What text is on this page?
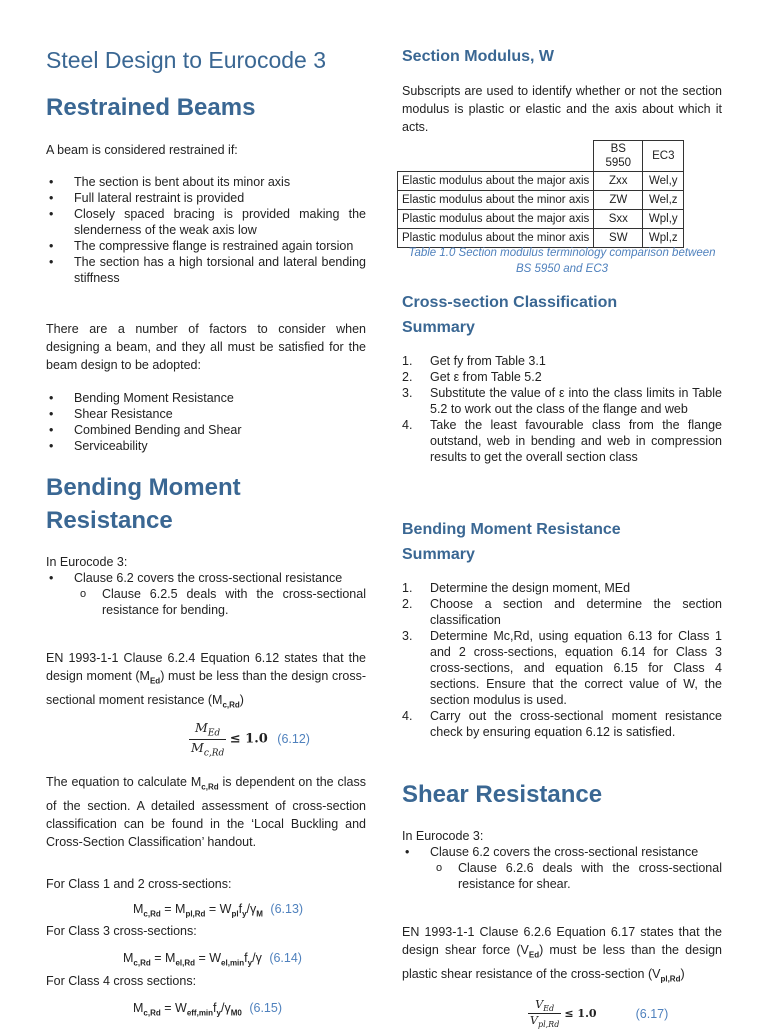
Steel Design to Eurocode 3
Restrained Beams
A beam is considered restrained if:
• The section is bent about its minor axis
• Full lateral restraint is provided
• Closely spaced bracing is provided making the slenderness of the weak axis low
• The compressive flange is restrained again torsion
• The section has a high torsional and lateral bending stiffness
There are a number of factors to consider when designing a beam, and they all must be satisfied for the beam design to be adopted:
• Bending Moment Resistance
• Shear Resistance
• Combined Bending and Shear
• Serviceability
Bending Moment Resistance
In Eurocode 3:
• Clause 6.2 covers the cross-sectional resistance
o Clause 6.2.5 deals with the cross-sectional resistance for bending.
EN 1993-1-1 Clause 6.2.4 Equation 6.12 states that the design moment $(M_{Ed})$ must be less than the design cross-sectional moment resistance $(M_{c,Rd})$
$\frac{M_{Ed}}{M_{c,Rd}} \le 1.0$ (6.12)
The equation to calculate $M_{c,Rd}$ is dependent on the class of the section. A detailed assessment of cross-section classification can be found in the ‘Local Buckling and Cross-Section Classification’ handout.
For Class 1 and 2 cross-sections:
$M_{c,Rd} = M_{pl,Rd} = W_{pl}f_y/\gamma_M$ (6.13)
For Class 3 cross-sections:
$M_{c,Rd} = M_{el,Rd} = W_{el,min}f_y/\gamma$ (6.14)
For Class 4 cross sections:
$M_{c,Rd} = W_{eff,min}f_y/\gamma_{M0}$ (6.15)
Section Modulus, W
Subscripts are used to identify whether or not the section modulus is plastic or elastic and the axis about which it acts.
	BS 5950	EC3
Elastic modulus about the major axis	Zxx	Wel,y
Elastic modulus about the minor axis	ZW	Wel,z
Plastic modulus about the major axis	Sxx	Wpl,y
Plastic modulus about the minor axis	SW	Wpl,z
Table 1.0 Section modulus terminology comparison between BS 5950 and EC3
Cross-section Classification Summary
1. Get fy from Table 3.1
2. Get ε from Table 5.2
3. Substitute the value of ε into the class limits in Table 5.2 to work out the class of the flange and web
4. Take the least favourable class from the flange outstand, web in bending and web in compression results to get the overall section class
Bending Moment Resistance Summary
1. Determine the design moment, MEd
2. Choose a section and determine the section classification
3. Determine Mc,Rd, using equation 6.13 for Class 1 and 2 cross-sections, equation 6.14 for Class 3 cross-sections, and equation 6.15 for Class 4 sections. Ensure that the correct value of W, the section modulus is used.
4. Carry out the cross-sectional moment resistance check by ensuring equation 6.12 is satisfied.
Shear Resistance
In Eurocode 3:
• Clause 6.2 covers the cross-sectional resistance
o Clause 6.2.6 deals with the cross-sectional resistance for shear.
EN 1993-1-1 Clause 6.2.6 Equation 6.17 states that the design shear force $(V_{Ed})$ must be less than the design plastic shear resistance of the cross-section $(V_{pl,Rd})$
$\frac{V_{Ed}}{V_{pl,Rd}} \le 1.0$	(6.17)
